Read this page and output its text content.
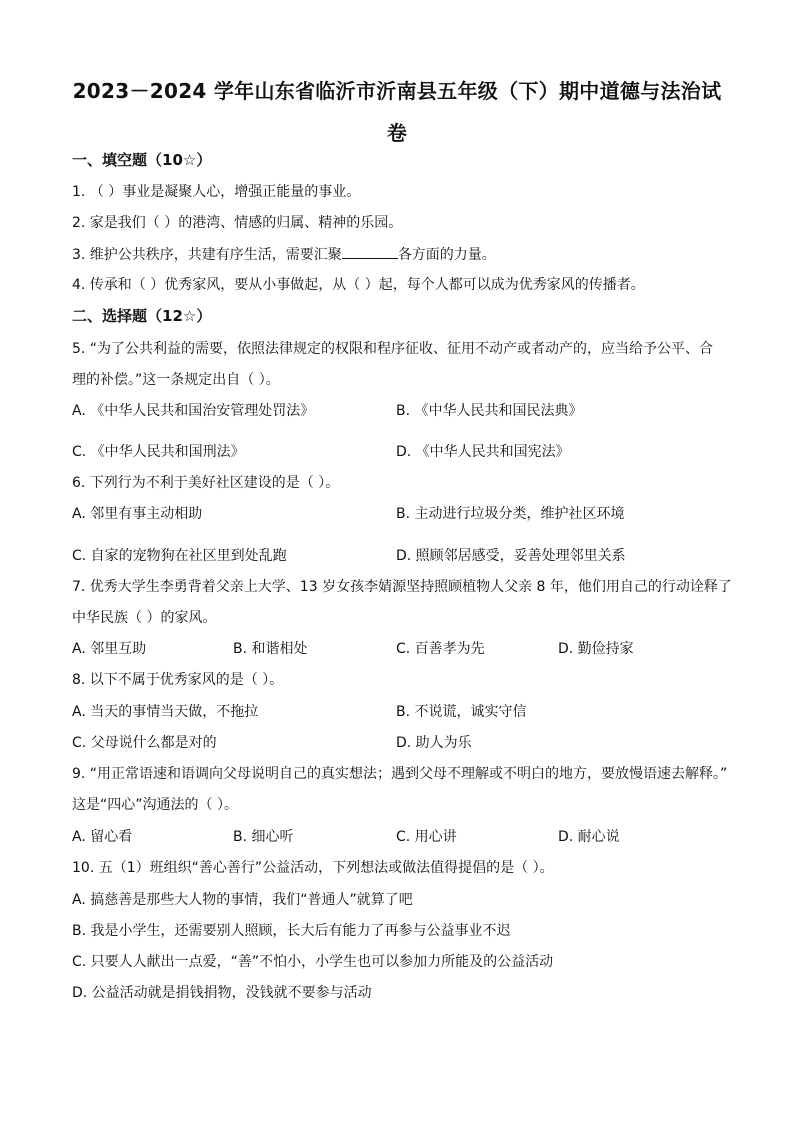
2023－2024 学年山东省临沂市沂南县五年级（下）期中道德与法治试
卷
一、填空题（10☆）
1. （ ）事业是凝聚人心，增强正能量的事业。
2. 家是我们（ ）的港湾、情感的归属、精神的乐园。
3. 维护公共秩序，共建有序生活，需要汇聚	各方面的力量。
4. 传承和（ ）优秀家风，要从小事做起，从（ ）起，每个人都可以成为优秀家风的传播者。
二、选择题（12☆）
5. “为了公共利益的需要，依照法律规定的权限和程序征收、征用不动产或者动产的，应当给予公平、合
理的补偿。”这一条规定出自（ ）。
A. 《中华人民共和国治安管理处罚法》	B. 《中华人民共和国民法典》
C. 《中华人民共和国刑法》	D. 《中华人民共和国宪法》
6. 下列行为不利于美好社区建设的是（ ）。
A. 邻里有事主动相助	B. 主动进行垃圾分类，维护社区环境
C. 自家的宠物狗在社区里到处乱跑	D. 照顾邻居感受，妥善处理邻里关系
7. 优秀大学生李勇背着父亲上大学、13 岁女孩李婧源坚持照顾植物人父亲 8 年，他们用自己的行动诠释了
中华民族（ ）的家风。
A. 邻里互助	B. 和谐相处	C. 百善孝为先	D. 勤俭持家
8. 以下不属于优秀家风的是（ ）。
A. 当天的事情当天做，不拖拉	B. 不说谎，诚实守信
C. 父母说什么都是对的	D. 助人为乐
9. “用正常语速和语调向父母说明自己的真实想法；遇到父母不理解或不明白的地方，要放慢语速去解释。”
这是“四心”沟通法的（ ）。
A. 留心看	B. 细心听	C. 用心讲	D. 耐心说
10. 五（1）班组织“善心善行”公益活动，下列想法或做法值得提倡的是（ ）。
A. 搞慈善是那些大人物的事情，我们“普通人”就算了吧
B. 我是小学生，还需要别人照顾，长大后有能力了再参与公益事业不迟
C. 只要人人献出一点爱，“善”不怕小，小学生也可以参加力所能及的公益活动
D. 公益活动就是捐钱捐物，没钱就不要参与活动
